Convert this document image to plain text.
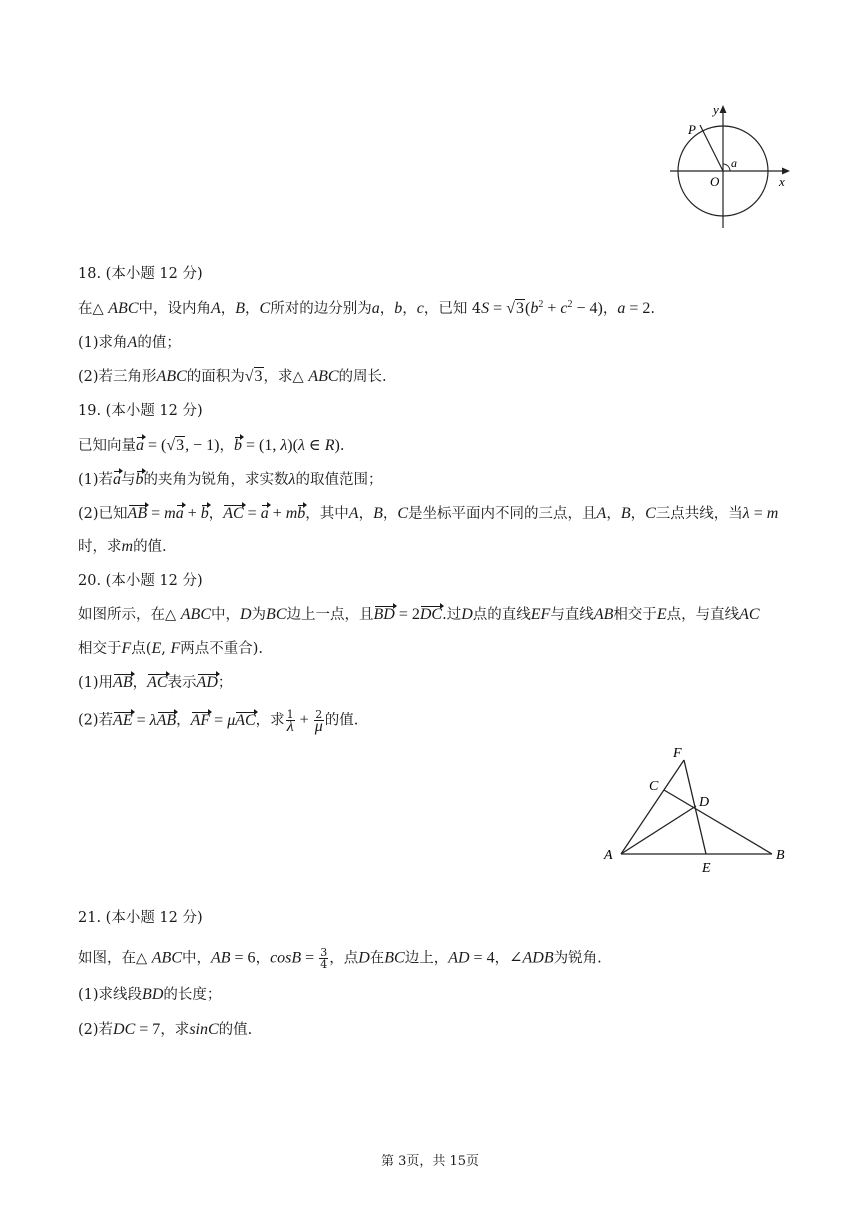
y
x
O
P
a
18. (本小题 12 分)
在△ ABC中，设内角A，B，C所对的边分别为a，b，c，已知 $4S = √3(b^2 + c^2 - 4)$，a = 2.
(1)求角A的值；
(2)若三角形ABC的面积为√3，求△ ABC的周长.
19. (本小题 12 分)
已知向量a = (√3, − 1)，b = (1, λ)(λ ∈ R).
(1)若a与b的夹角为锐角，求实数λ的取值范围；
(2)已知AB = ma + b，AC = a + mb，其中A，B，C是坐标平面内不同的三点，且A，B，C三点共线，当λ = m
时，求m的值.
20. (本小题 12 分)
如图所示，在△ ABC中，D为BC边上一点，且BD = 2DC.过D点的直线EF与直线AB相交于E点，与直线AC
相交于F点(E, F两点不重合).
(1)用AB，AC表示AD；
(2)若AE = λAB，AF = μAC，求 $\frac{1}{\lambda} + \frac{2}{\mu}$ 的值.
F
C
D
A
E
B
21. (本小题 12 分)
如图，在△ ABC中，AB = 6，$\cos B = \frac{3}{4}$ ，点D在BC边上，AD = 4，∠ADB为锐角.
(1)求线段BD的长度；
(2)若DC = 7，求sinC的值.
第 3页，共 15页
